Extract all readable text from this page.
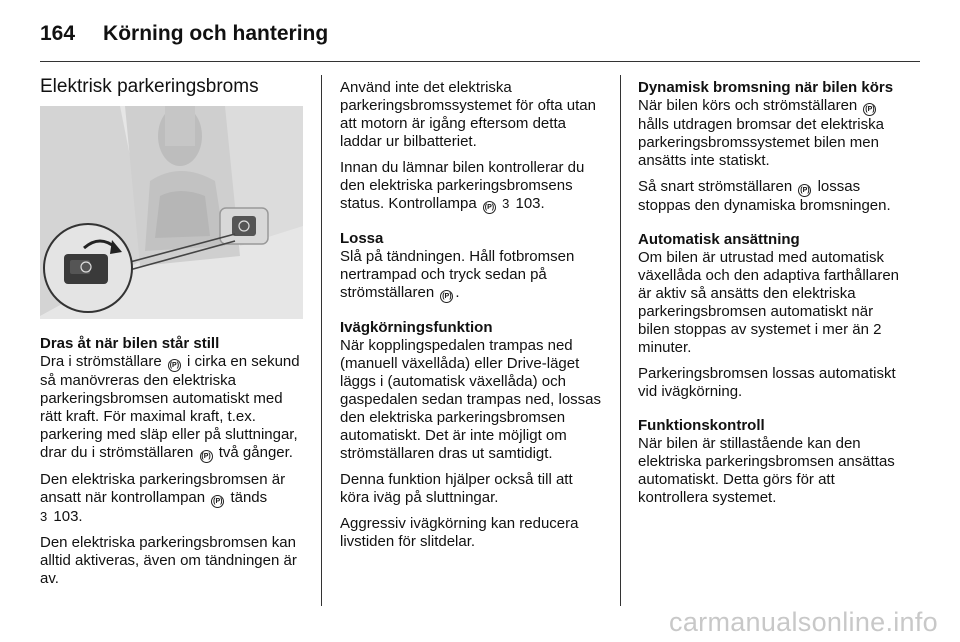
164 Körning och hantering
Elektrisk parkeringsbroms
Dras åt när bilen står still

Dra i strömställare (P) i cirka en sekund så manövreras den elektriska parkeringsbromsen automatiskt med rätt kraft. För maximal kraft, t.ex. parkering med släp eller på sluttningar, drar du i strömställaren (P) två gånger.

Den elektriska parkeringsbromsen är ansatt när kontrollampan (P) tänds
3 103.

Den elektriska parkeringsbromsen kan alltid aktiveras, även om tändningen är av.

Använd inte det elektriska parkeringsbromssystemet för ofta utan att motorn är igång eftersom detta laddar ur bilbatteriet.

Innan du lämnar bilen kontrollerar du den elektriska parkeringsbromsens status. Kontrollampa (P) 3 103.

Lossa

Slå på tändningen. Håll fotbromsen nertrampad och tryck sedan på strömställaren (P) .

Ivägkörningsfunktion

När kopplingspedalen trampas ned (manuell växellåda) eller Drive-läget läggs i (automatisk växellåda) och gaspedalen sedan trampas ned, lossas den elektriska parkeringsbromsen automatiskt. Det är inte möjligt om strömställaren dras ut samtidigt.

Denna funktion hjälper också till att köra iväg på sluttningar.

Aggressiv ivägkörning kan reducera livstiden för slitdelar.

Dynamisk bromsning när bilen körs

När bilen körs och strömställaren (P) hålls utdragen bromsar det elektriska parkeringsbromssystemet bilen men ansätts inte statiskt.

Så snart strömställaren (P) lossas stoppas den dynamiska bromsningen.

Automatisk ansättning

Om bilen är utrustad med automatisk växellåda och den adaptiva farthållaren är aktiv så ansätts den elektriska parkeringsbromsen automatiskt när bilen stoppas av systemet i mer än 2 minuter.

Parkeringsbromsen lossas automatiskt vid ivägkörning.

Funktionskontroll

När bilen är stillastående kan den elektriska parkeringsbromsen ansättas automatiskt. Detta görs för att kontrollera systemet.

carmanualsonline.info
